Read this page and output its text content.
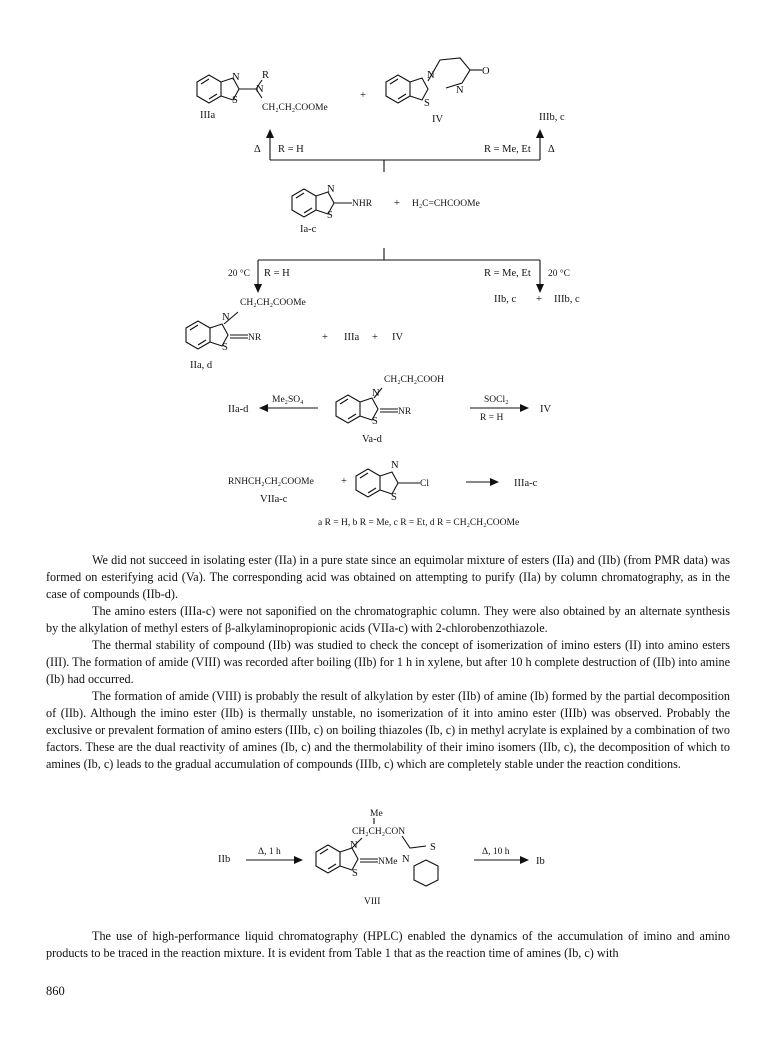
N
N
R
S
CH₂CH₂COOMe
IIIa
+
N
N
S
O
IV	IIIb, c
Δ R = H	R = Me, Et Δ
N
S
NHR
Ia-c
+ H₂C=CHCOOMe
20 °C R = H	R = Me, Et 20 °C
IIb, c + IIIb, c
CH₂CH₂COOMe
N
S
NR
IIa, d
+ IIIa + IV
IIa-d
Me₂SO₄
CH₂CH₂COOH
N
S
NR
Va-d
SOCl₂
R = H
IV
RNHCH₂CH₂COOMe
VIIa-c
+
N
S
Cl	IIIa-c
a R = H, b R = Me, c R = Et, d R = CH₂CH₂COOMe

We did not succeed in isolating ester (IIa) in a pure state since an equimolar mixture of esters (IIa) and (IIb) (from PMR data) was formed on esterifying acid (Va). The corresponding acid was obtained on attempting to purify (IIa) by column chromatography, as in the case of compounds (IIb-d).

The amino esters (IIIa-c) were not saponified on the chromatographic column. They were also obtained by an alternate synthesis by the alkylation of methyl esters of β-alkylaminopropionic acids (VIIa-c) with 2-chlorobenzothiazole.

The thermal stability of compound (IIb) was studied to check the concept of isomerization of imino esters (II) into amino esters (III). The formation of amide (VIII) was recorded after boiling (IIb) for 1 h in xylene, but after 10 h complete destruction of (IIb) into amine (Ib) had occurred.

The formation of amide (VIII) is probably the result of alkylation by ester (IIb) of amine (Ib) formed by the partial decomposition of (IIb). Although the imino ester (IIb) is thermally unstable, no isomerization of it into amino ester (IIIb) was observed. Probably the exclusive or prevalent formation of amino esters (IIIb, c) on boiling thiazoles (Ib, c) in methyl acrylate is explained by a combination of two factors. These are the dual reactivity of amines (Ib, c) and the thermolability of their imino isomers (IIb, c), the decomposition of which to amines (Ib, c) leads to the gradual accumulation of compounds (IIIb, c) which are completely stable under the reaction conditions.

IIb
Δ, 1 h
Me
CH₂CH₂CON
N
S
NMe N
S	Δ, 10 h
Ib
VIII

The use of high-performance liquid chromatography (HPLC) enabled the dynamics of the accumulation of imino and amino products to be traced in the reaction mixture. It is evident from Table 1 that as the reaction time of amines (Ib, c) with

860
